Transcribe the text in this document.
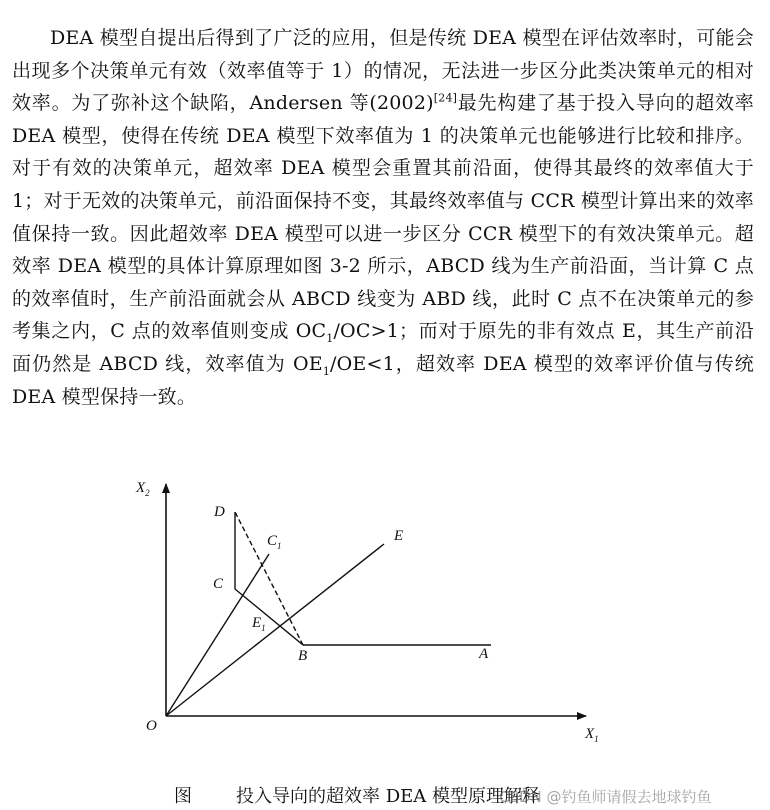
DEA 模型自提出后得到了广泛的应用，但是传统 DEA 模型在评估效率时，可能会出现多个决策单元有效（效率值等于 1）的情况，无法进一步区分此类决策单元的相对效率。为了弥补这个缺陷，Andersen 等(2002)[24]最先构建了基于投入导向的超效率 DEA 模型，使得在传统 DEA 模型下效率值为 1 的决策单元也能够进行比较和排序。对于有效的决策单元，超效率 DEA 模型会重置其前沿面，使得其最终的效率值大于 1；对于无效的决策单元，前沿面保持不变，其最终效率值与 CCR 模型计算出来的效率值保持一致。因此超效率 DEA 模型可以进一步区分 CCR 模型下的有效决策单元。超效率 DEA 模型的具体计算原理如图 3-2 所示，ABCD 线为生产前沿面，当计算 C 点的效率值时，生产前沿面就会从 ABCD 线变为 ABD 线，此时 C 点不在决策单元的参考集之内，C 点的效率值则变成 $OC_1/OC>1$；而对于原先的非有效点 E，其生产前沿面仍然是 ABCD 线，效率值为 $OE_1/OE<1$，超效率 DEA 模型的效率评价值与传统 DEA 模型保持一致。

$X_2$
$X_1$
O
D
$C_1$
C
E
$E_1$
B	A
图 投入导向的超效率 DEA 模型原理解释
CSDN @钓鱼师请假去地球钓鱼
